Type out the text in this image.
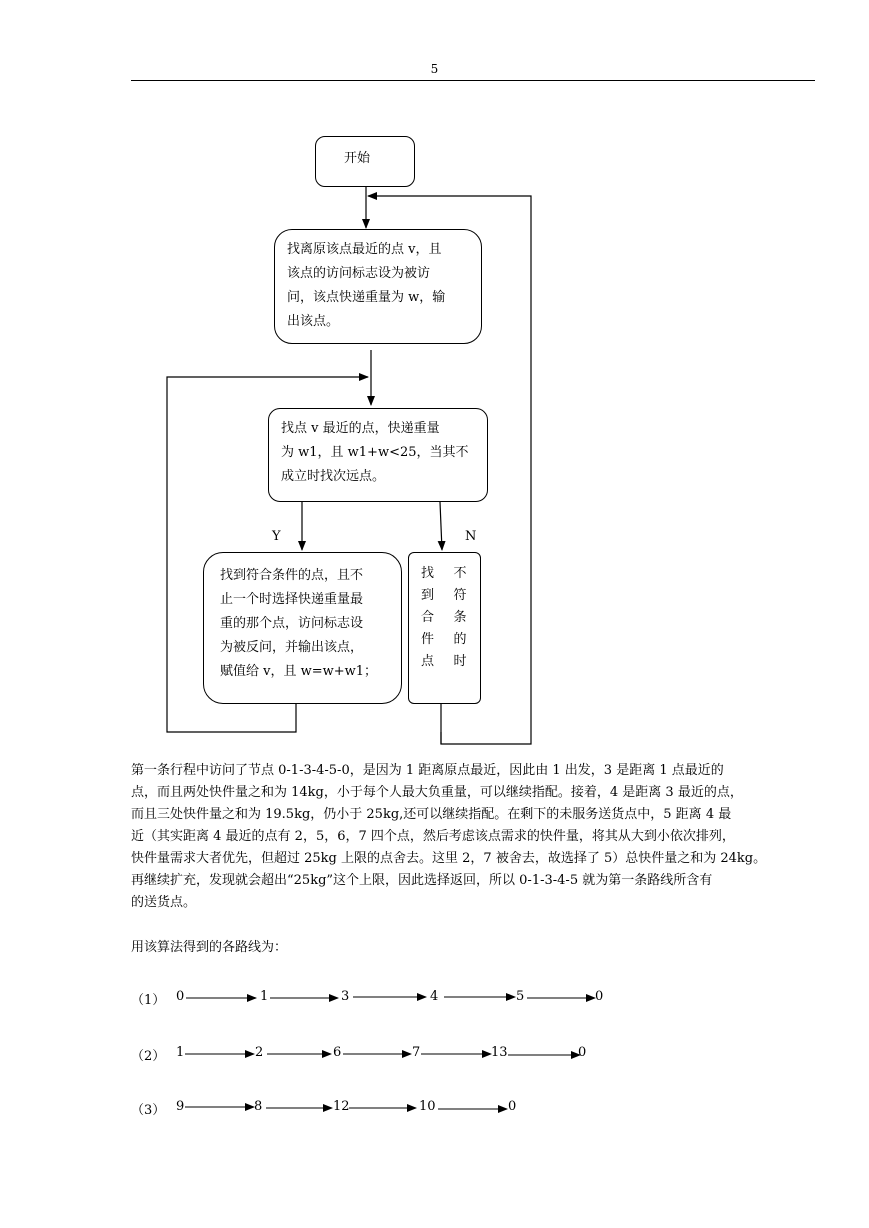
5
开始
找离原该点最近的点 v，且
该点的访问标志设为被访
问，该点快递重量为 w，输
出该点。
找点 v 最近的点，快递重量
为 w1，且 w1+w<25，当其不
成立时找次远点。
Y	N
找到符合条件的点，且不
止一个时选择快递重量最
重的那个点，访问标志设
为被反问，并输出该点，
赋值给 v，且 w=w+w1；
找 不
到 符
合 条
件 的
点 时
第一条行程中访问了节点 0-1-3-4-5-0，是因为 1 距离原点最近，因此由 1 出发，3 是距离 1 点最近的
点，而且两处快件量之和为 14kg，小于每个人最大负重量，可以继续指配。接着，4 是距离 3 最近的点，
而且三处快件量之和为 19.5kg，仍小于 25kg,还可以继续指配。在剩下的未服务送货点中，5 距离 4 最
近（其实距离 4 最近的点有 2，5，6，7 四个点，然后考虑该点需求的快件量，将其从大到小依次排列，
快件量需求大者优先，但超过 25kg 上限的点舍去。这里 2，7 被舍去，故选择了 5）总快件量之和为 24kg。
再继续扩充，发现就会超出“25kg”这个上限，因此选择返回，所以 0-1-3-4-5 就为第一条路线所含有
的送货点。
用该算法得到的各路线为：
（1） 0	1	3	4	5	0
（2） 1	2	6	7	13	0
（3） 9	8	12	10	0
